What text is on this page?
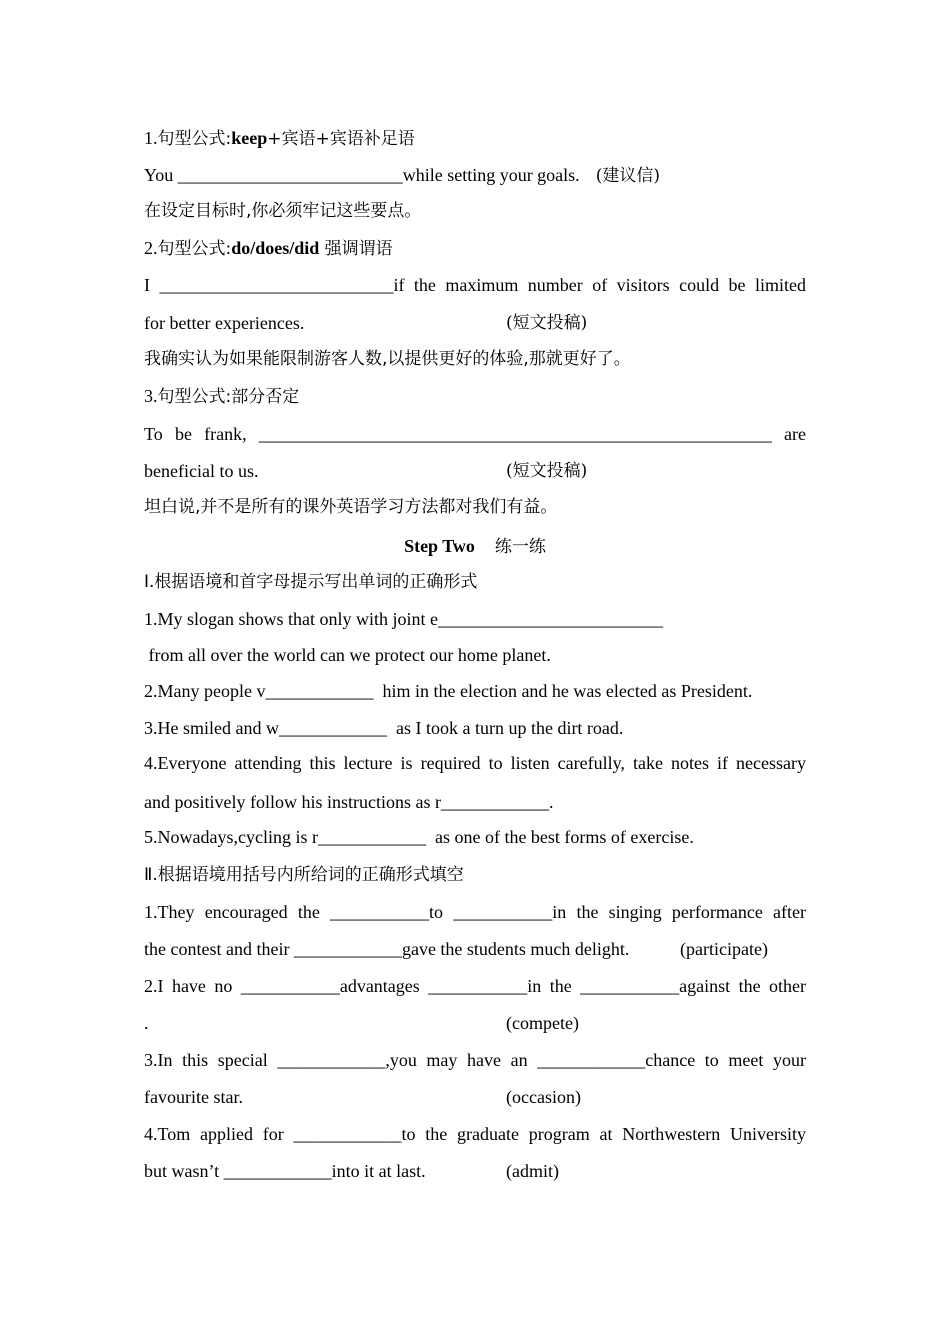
1.句型公式:keep+宾语+宾语补足语
You _________________________while setting your goals. (建议信)
在设定目标时,你必须牢记这些要点。
2.句型公式:do/does/did 强调谓语
I __________________________if the maximum number of visitors could be limited
for better experiences.	(短文投稿)
我确实认为如果能限制游客人数,以提供更好的体验,那就更好了。
3.句型公式:部分否定
To be frank, _________________________________________________________ are
beneficial to us.	(短文投稿)
坦白说,并不是所有的课外英语学习方法都对我们有益。
Step Two 练一练
Ⅰ.根据语境和首字母提示写出单词的正确形式
1.My slogan shows that only with joint e_________________________
from all over the world can we protect our home planet.
2.Many people v____________  him in the election and he was elected as President.
3.He smiled and w____________  as I took a turn up the dirt road.
4.Everyone attending this lecture is required to listen carefully, take notes if necessary
and positively follow his instructions as r____________.
5.Nowadays,cycling is r____________  as one of the best forms of exercise.
Ⅱ.根据语境用括号内所给词的正确形式填空
1.They encouraged the ___________to ___________in the singing performance after
the contest and their ____________gave the students much delight.	(participate)
2.I have no ___________advantages ___________in the ___________against the other
.	(compete)
3.In this special ____________,you may have an ____________chance to meet your
favourite star.	(occasion)
4.Tom applied for ____________to the graduate program at Northwestern University
but wasn’t ____________into it at last.	(admit)
